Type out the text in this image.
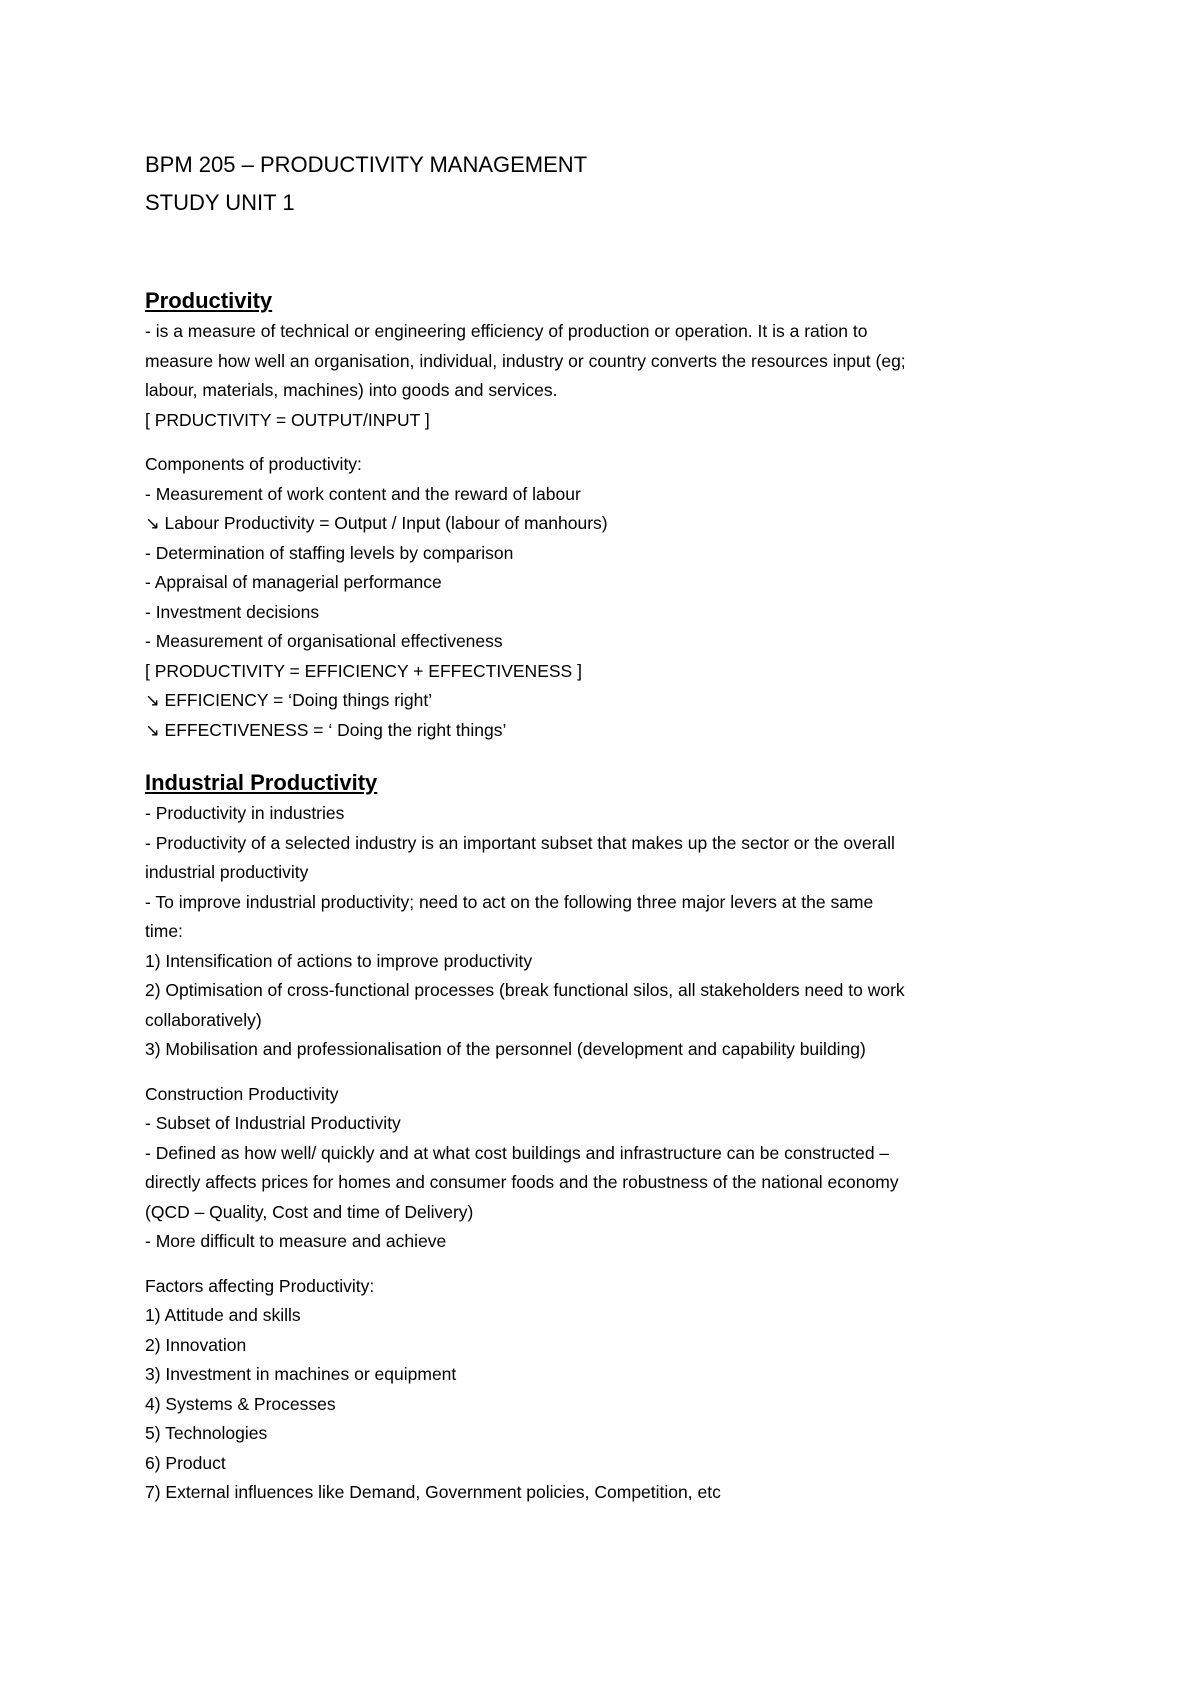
BPM 205 – PRODUCTIVITY MANAGEMENT
STUDY UNIT 1
Productivity

- is a measure of technical or engineering efficiency of production or operation. It is a ration to

measure how well an organisation, individual, industry or country converts the resources input (eg;

labour, materials, machines) into goods and services.

[ PRDUCTIVITY = OUTPUT/INPUT ]

Components of productivity:

- Measurement of work content and the reward of labour

↘ Labour Productivity = Output / Input (labour of manhours)

- Determination of staffing levels by comparison

- Appraisal of managerial performance

- Investment decisions

- Measurement of organisational effectiveness

[ PRODUCTIVITY = EFFICIENCY + EFFECTIVENESS ]

↘ EFFICIENCY = ‘Doing things right’

↘ EFFECTIVENESS = ‘ Doing the right things’

Industrial Productivity

- Productivity in industries

- Productivity of a selected industry is an important subset that makes up the sector or the overall

industrial productivity

- To improve industrial productivity; need to act on the following three major levers at the same

time:

1) Intensification of actions to improve productivity

2) Optimisation of cross-functional processes (break functional silos, all stakeholders need to work

collaboratively)

3) Mobilisation and professionalisation of the personnel (development and capability building)

Construction Productivity

- Subset of Industrial Productivity

- Defined as how well/ quickly and at what cost buildings and infrastructure can be constructed –

directly affects prices for homes and consumer foods and the robustness of the national economy

(QCD – Quality, Cost and time of Delivery)

- More difficult to measure and achieve

Factors affecting Productivity:

1) Attitude and skills

2) Innovation

3) Investment in machines or equipment

4) Systems & Processes

5) Technologies

6) Product

7) External influences like Demand, Government policies, Competition, etc
